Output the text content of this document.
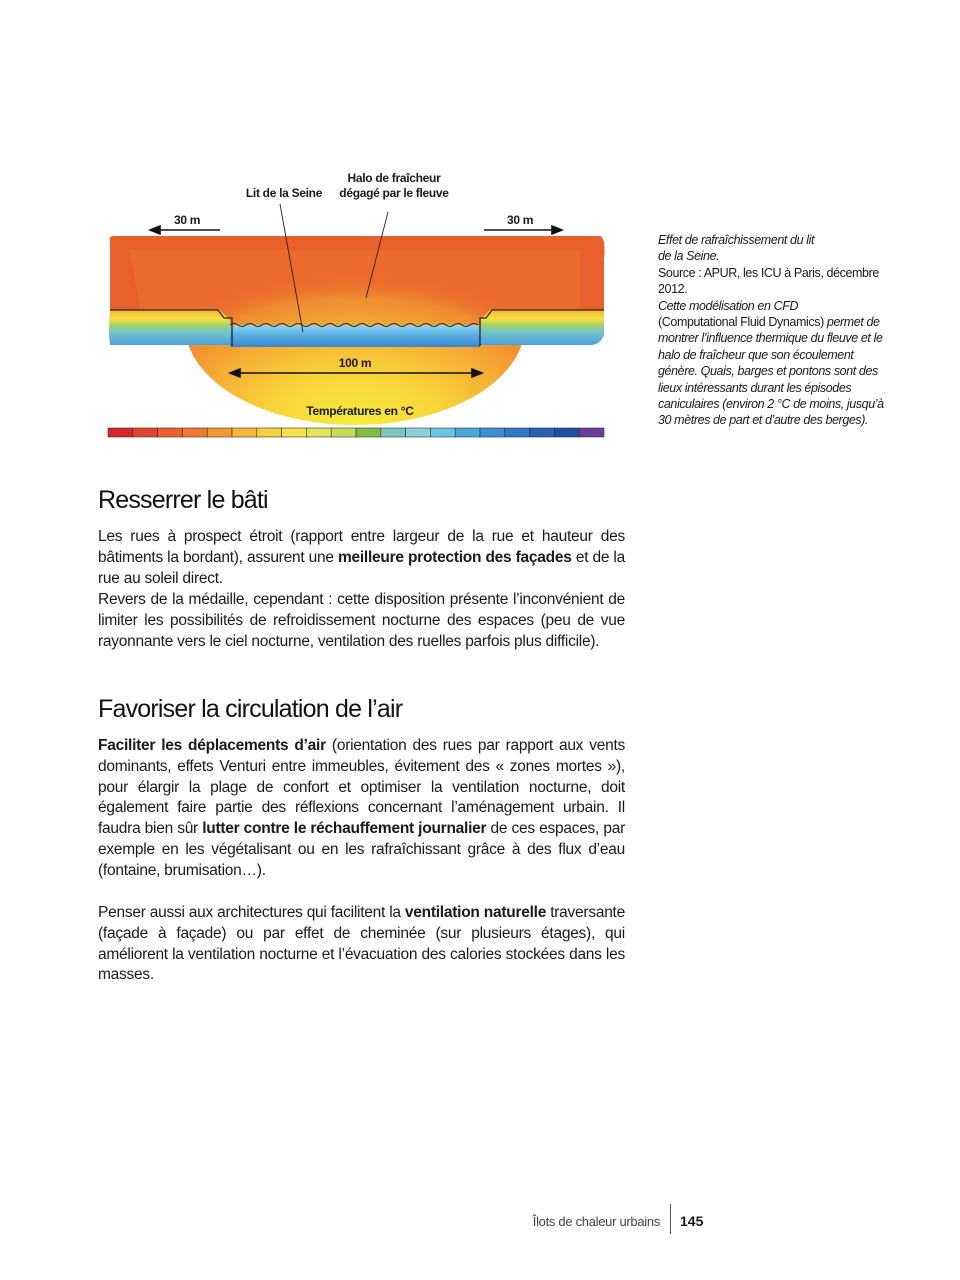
Lit de la Seine
Halo de fraîcheur
dégagé par le fleuve
30 m	30 m
100 m
Températures en °C
Effet de rafraîchissement du lit
de la Seine.
Source : APUR, les ICU à Paris, décembre 2012.
Cette modélisation en CFD
(Computational Fluid Dynamics) permet de montrer l’influence thermique du fleuve et le halo de fraîcheur que son écoulement génère. Quais, barges et pontons sont des lieux intéressants durant les épisodes caniculaires (environ 2 °C de moins, jusqu’à 30 mètres de part et d’autre des berges).
Resserrer le bâti

Les rues à prospect étroit (rapport entre largeur de la rue et hauteur des bâtiments la bordant), assurent une meilleure protection des façades et de la rue au soleil direct.

Revers de la médaille, cependant : cette disposition présente l’inconvénient de limiter les possibilités de refroidissement nocturne des espaces (peu de vue rayonnante vers le ciel nocturne, ventilation des ruelles parfois plus difficile).

Favoriser la circulation de l’air

Faciliter les déplacements d’air (orientation des rues par rapport aux vents dominants, effets Venturi entre immeubles, évitement des « zones mortes »), pour élargir la plage de confort et optimiser la ventilation nocturne, doit également faire partie des réflexions concernant l’aménagement urbain. Il faudra bien sûr lutter contre le réchauffement journalier de ces espaces, par exemple en les végétalisant ou en les rafraîchissant grâce à des flux d’eau (fontaine, brumisation…).

Penser aussi aux architectures qui facilitent la ventilation naturelle traversante (façade à façade) ou par effet de cheminée (sur plusieurs étages), qui améliorent la ventilation nocturne et l’évacuation des calories stockées dans les masses.

Îlots de chaleur urbains 145
